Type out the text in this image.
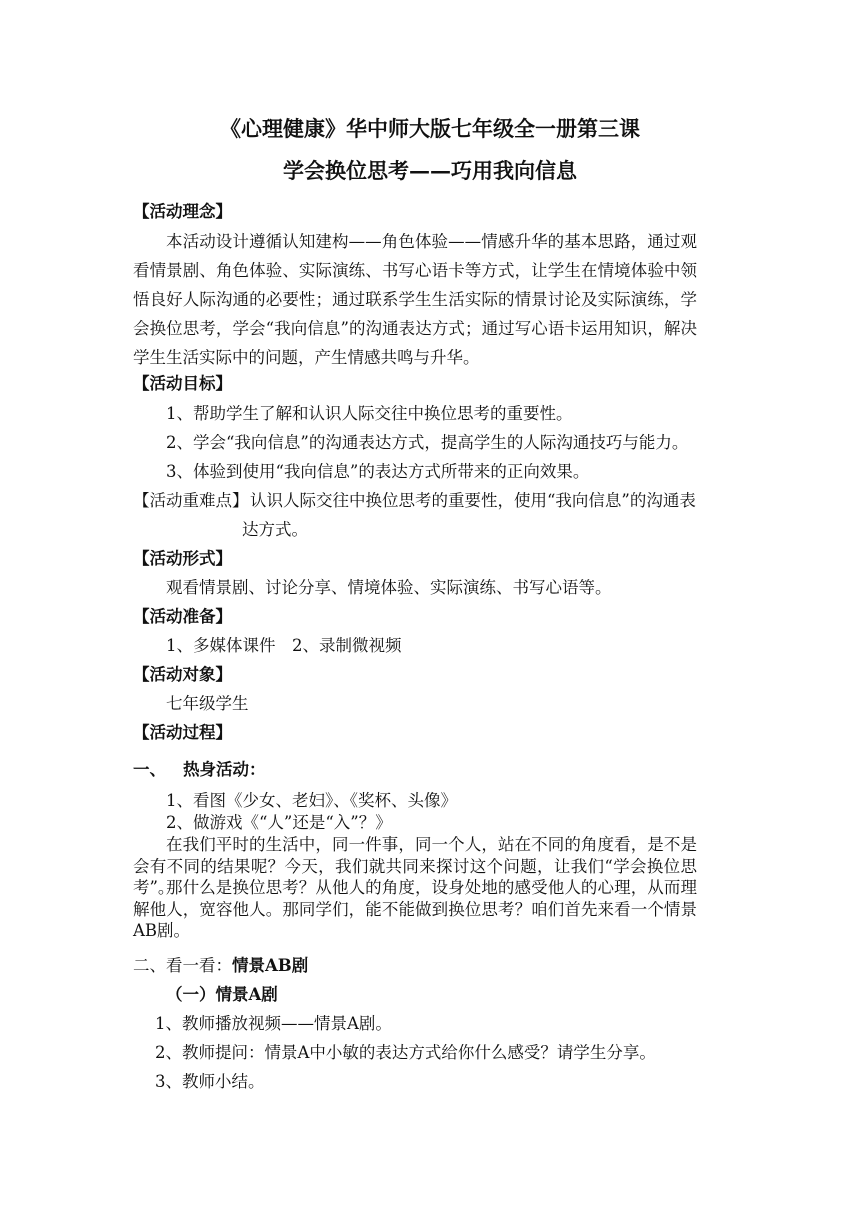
《心理健康》华中师大版七年级全一册第三课
学会换位思考——巧用我向信息
【活动理念】
本活动设计遵循认知建构——角色体验——情感升华的基本思路，通过观看情景剧、角色体验、实际演练、书写心语卡等方式，让学生在情境体验中领悟良好人际沟通的必要性；通过联系学生生活实际的情景讨论及实际演练，学会换位思考，学会“我向信息”的沟通表达方式；通过写心语卡运用知识，解决学生生活实际中的问题，产生情感共鸣与升华。
【活动目标】
1、帮助学生了解和认识人际交往中换位思考的重要性。
2、学会“我向信息”的沟通表达方式，提高学生的人际沟通技巧与能力。
3、体验到使用“我向信息”的表达方式所带来的正向效果。
【活动重难点】 认识人际交往中换位思考的重要性，使用“我向信息”的沟通表
达方式。
【活动形式】
观看情景剧、讨论分享、情境体验、实际演练、书写心语等。
【活动准备】
1、多媒体课件 2、录制微视频
【活动对象】
七年级学生
【活动过程】
一、 热身活动：
1、看图《少女、老妇》、《奖杯、头像》
2、做游戏《“人”还是“入”？》
在我们平时的生活中，同一件事，同一个人，站在不同的角度看，是不是会有不同的结果呢？今天，我们就共同来探讨这个问题，让我们“学会换位思考”。
那什么是换位思考？从他人的角度，设身处地的感受他人的心理，从而理解他人，宽容他人。那同学们，能不能做到换位思考？咱们首先来看一个情景AB剧。
二、看一看：情景AB剧
（一）情景A剧
1、教师播放视频——情景A剧。
2、教师提问：情景A中小敏的表达方式给你什么感受？请学生分享。
3、教师小结。
